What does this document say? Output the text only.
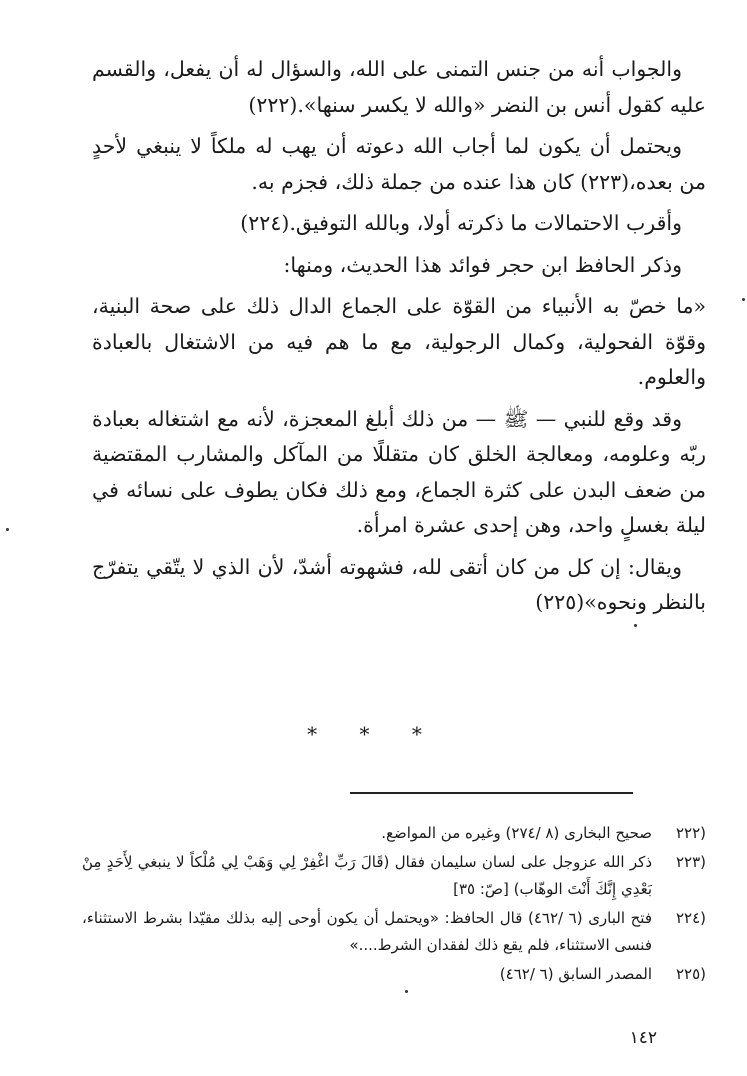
والجواب أنه من جنس التمنى على الله، والسؤال له أن يفعل، والقسم عليه كقول أنس بن النضر «والله لا يكسر سنها».(٢٢٢)

ويحتمل أن يكون لما أجاب الله دعوته أن يهب له ملكاً لا ينبغي لأحدٍ من بعده،(٢٢٣) كان هذا عنده من جملة ذلك، فجزم به.

وأقرب الاحتمالات ما ذكرته أولا، وبالله التوفيق.(٢٢٤)

وذكر الحافظ ابن حجر فوائد هذا الحديث، ومنها:

«ما خصّ به الأنبياء من القوّة على الجماع الدال ذلك على صحة البنية، وقوّة الفحولية، وكمال الرجولية، مع ما هم فيه من الاشتغال بالعبادة والعلوم.

وقد وقع للنبي — ﷺ — من ذلك أبلغ المعجزة، لأنه مع اشتغاله بعبادة ربّه وعلومه، ومعالجة الخلق كان متقللًا من المآكل والمشارب المقتضية من ضعف البدن على كثرة الجماع، ومع ذلك فكان يطوف على نسائه في ليلة بغسلٍ واحد، وهن إحدى عشرة امرأة.

ويقال: إن كل من كان أتقى لله، فشهوته أشدّ، لأن الذي لا يتّقي يتفرّج بالنظر ونحوه»(٢٢٥)

* * *
(٢٢٢
صحيح البخارى (٨ /٢٧٤) وغيره من المواضع.
(٢٢٣
ذكر الله عزوجل على لسان سليمان فقال (قَالَ رَبِّ اغْفِرْ لِي وَهَبْ لِي مُلْكاً لا ينبغي لِأَحَدٍ مِنْ بَعْدِي إِنَّكَ أَنْتَ الوهّاب) [صّ: ٣٥]
(٢٢٤
فتح البارى (٦ /٤٦٢) قال الحافظ: «ويحتمل أن يكون أوحى إليه بذلك مقيّدا بشرط الاستثناء، فنسى الاستثناء، فلم يقع ذلك لفقدان الشرط....»
(٢٢٥
المصدر السابق (٦ /٤٦٢)
١٤٢
